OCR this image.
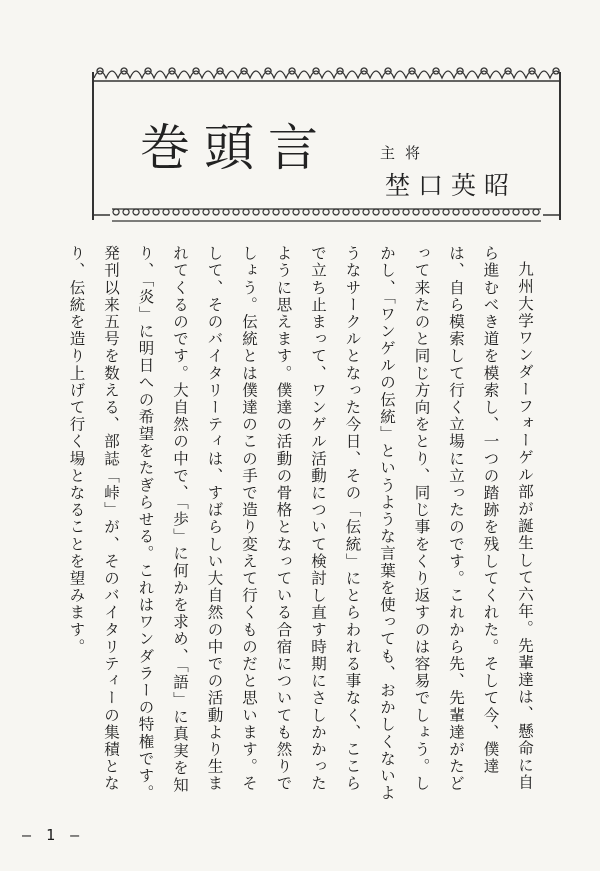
巻頭言	主将
埜口英昭

九州大学ワンダーフォーゲル部が誕生して六年。先輩達は、懸命に自ら進むべき道を模索し、一つの踏跡を残してくれた。そして今、僕達は、自ら模索して行く立場に立ったのです。これから先、先輩達がたどって来たのと同じ方向をとり、同じ事をくり返すのは容易でしょう。しかし、「ワンゲルの伝統」というような言葉を使っても、おかしくないようなサークルとなった今日、その「伝統」にとらわれる事なく、ここらで立ち止まって、ワンゲル活動について検討し直す時期にさしかかったように思えます。僕達の活動の骨格となっている合宿についても然りでしょう。伝統とは僕達のこの手で造り変えて行くものだと思います。そして、そのバイタリーティは、すばらしい大自然の中での活動より生まれてくるのです。大自然の中で、「歩」に何かを求め、「語」に真実を知り、「炎」に明日への希望をたぎらせる。これはワンダラーの特権です。発刊以来五号を数える、部誌「峠」が、そのバイタリティーの集積となり、伝統を造り上げて行く場となることを望みます。

— 1 —
